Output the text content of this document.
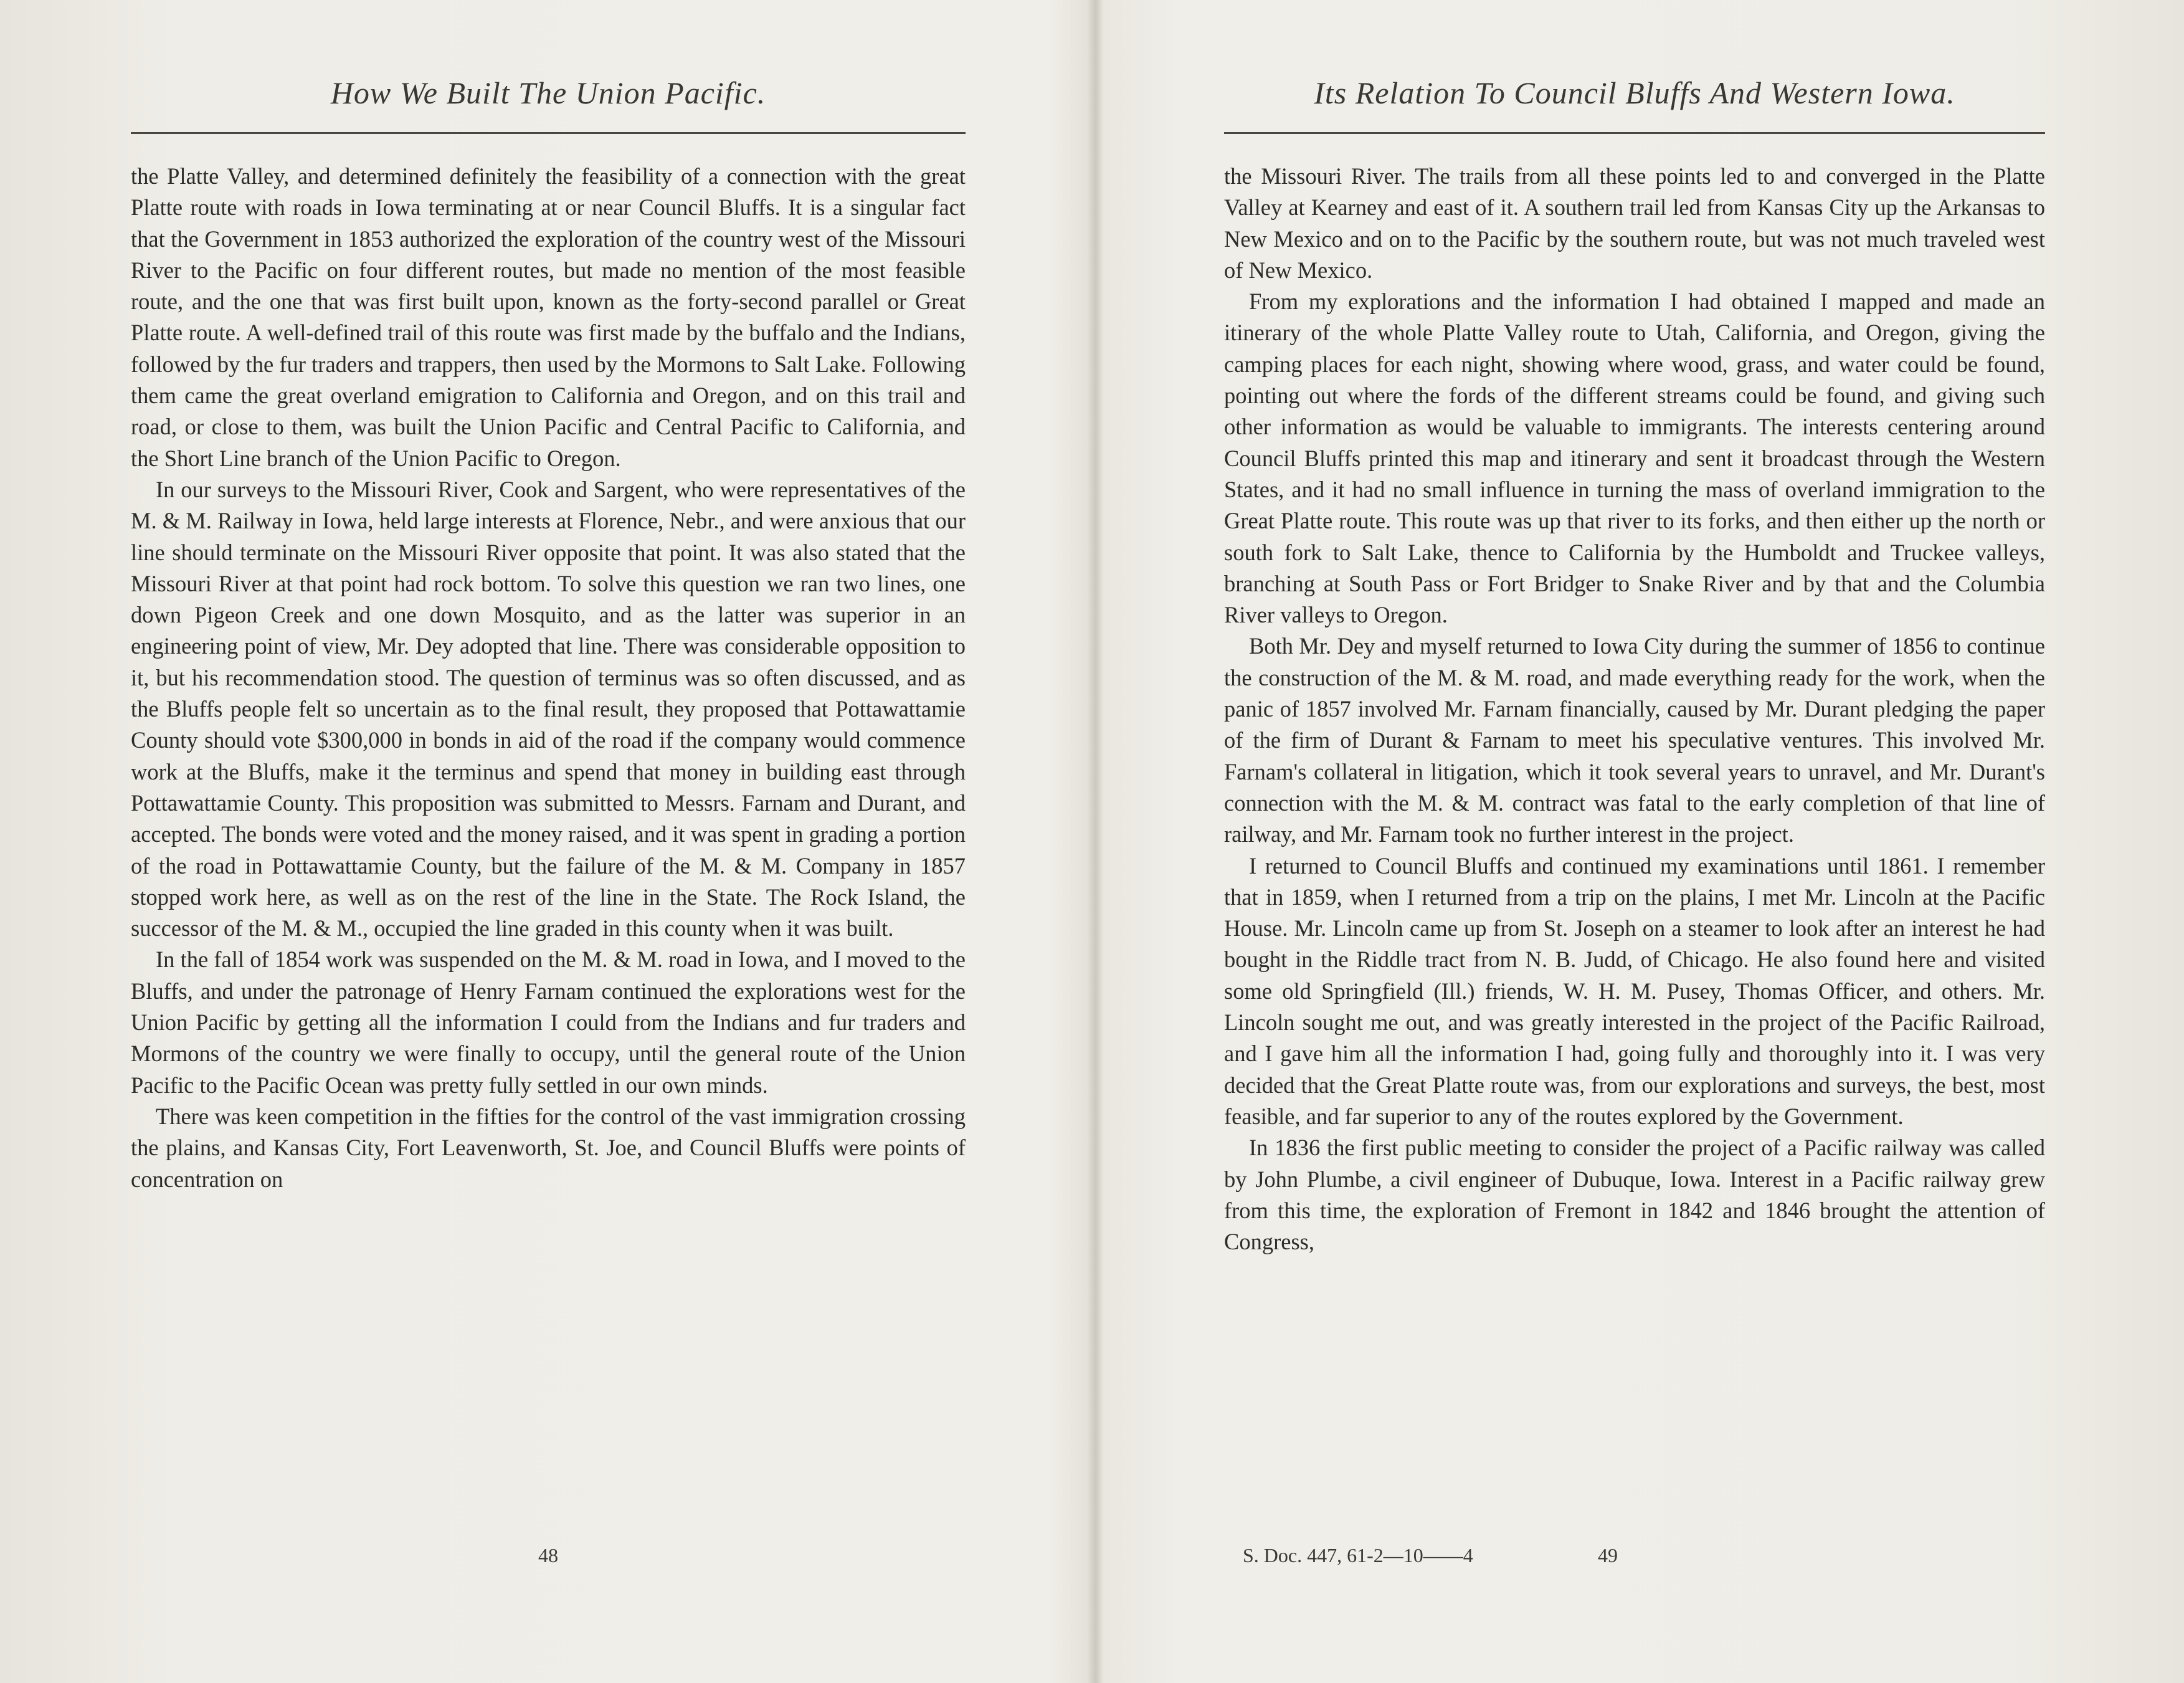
How We Built The Union Pacific.

the Platte Valley, and determined definitely the feasibility of a connection with the great Platte route with roads in Iowa terminating at or near Council Bluffs. It is a singular fact that the Government in 1853 authorized the exploration of the country west of the Missouri River to the Pacific on four different routes, but made no mention of the most feasible route, and the one that was first built upon, known as the forty-second parallel or Great Platte route. A well-defined trail of this route was first made by the buffalo and the Indians, followed by the fur traders and trappers, then used by the Mormons to Salt Lake. Following them came the great overland emigration to California and Oregon, and on this trail and road, or close to them, was built the Union Pacific and Central Pacific to California, and the Short Line branch of the Union Pacific to Oregon.

In our surveys to the Missouri River, Cook and Sargent, who were representatives of the M. & M. Railway in Iowa, held large interests at Florence, Nebr., and were anxious that our line should terminate on the Missouri River opposite that point. It was also stated that the Missouri River at that point had rock bottom. To solve this question we ran two lines, one down Pigeon Creek and one down Mosquito, and as the latter was superior in an engineering point of view, Mr. Dey adopted that line. There was considerable opposition to it, but his recommendation stood. The question of terminus was so often discussed, and as the Bluffs people felt so uncertain as to the final result, they proposed that Pottawattamie County should vote $300,000 in bonds in aid of the road if the company would commence work at the Bluffs, make it the terminus and spend that money in building east through Pottawattamie County. This proposition was submitted to Messrs. Farnam and Durant, and accepted. The bonds were voted and the money raised, and it was spent in grading a portion of the road in Pottawattamie County, but the failure of the M. & M. Company in 1857 stopped work here, as well as on the rest of the line in the State. The Rock Island, the successor of the M. & M., occupied the line graded in this county when it was built.

In the fall of 1854 work was suspended on the M. & M. road in Iowa, and I moved to the Bluffs, and under the patronage of Henry Farnam continued the explorations west for the Union Pacific by getting all the information I could from the Indians and fur traders and Mormons of the country we were finally to occupy, until the general route of the Union Pacific to the Pacific Ocean was pretty fully settled in our own minds.

There was keen competition in the fifties for the control of the vast immigration crossing the plains, and Kansas City, Fort Leavenworth, St. Joe, and Council Bluffs were points of concentration on

48
Its Relation To Council Bluffs And Western Iowa.

the Missouri River. The trails from all these points led to and converged in the Platte Valley at Kearney and east of it. A southern trail led from Kansas City up the Arkansas to New Mexico and on to the Pacific by the southern route, but was not much traveled west of New Mexico.

From my explorations and the information I had obtained I mapped and made an itinerary of the whole Platte Valley route to Utah, California, and Oregon, giving the camping places for each night, showing where wood, grass, and water could be found, pointing out where the fords of the different streams could be found, and giving such other information as would be valuable to immigrants. The interests centering around Council Bluffs printed this map and itinerary and sent it broadcast through the Western States, and it had no small influence in turning the mass of overland immigration to the Great Platte route. This route was up that river to its forks, and then either up the north or south fork to Salt Lake, thence to California by the Humboldt and Truckee valleys, branching at South Pass or Fort Bridger to Snake River and by that and the Columbia River valleys to Oregon.

Both Mr. Dey and myself returned to Iowa City during the summer of 1856 to continue the construction of the M. & M. road, and made everything ready for the work, when the panic of 1857 involved Mr. Farnam financially, caused by Mr. Durant pledging the paper of the firm of Durant & Farnam to meet his speculative ventures. This involved Mr. Farnam's collateral in litigation, which it took several years to unravel, and Mr. Durant's connection with the M. & M. contract was fatal to the early completion of that line of railway, and Mr. Farnam took no further interest in the project.

I returned to Council Bluffs and continued my examinations until 1861. I remember that in 1859, when I returned from a trip on the plains, I met Mr. Lincoln at the Pacific House. Mr. Lincoln came up from St. Joseph on a steamer to look after an interest he had bought in the Riddle tract from N. B. Judd, of Chicago. He also found here and visited some old Springfield (Ill.) friends, W. H. M. Pusey, Thomas Officer, and others. Mr. Lincoln sought me out, and was greatly interested in the project of the Pacific Railroad, and I gave him all the information I had, going fully and thoroughly into it. I was very decided that the Great Platte route was, from our explorations and surveys, the best, most feasible, and far superior to any of the routes explored by the Government.

In 1836 the first public meeting to consider the project of a Pacific railway was called by John Plumbe, a civil engineer of Dubuque, Iowa. Interest in a Pacific railway grew from this time, the exploration of Fremont in 1842 and 1846 brought the attention of Congress,

S. Doc. 447, 61-2—10——4	49
